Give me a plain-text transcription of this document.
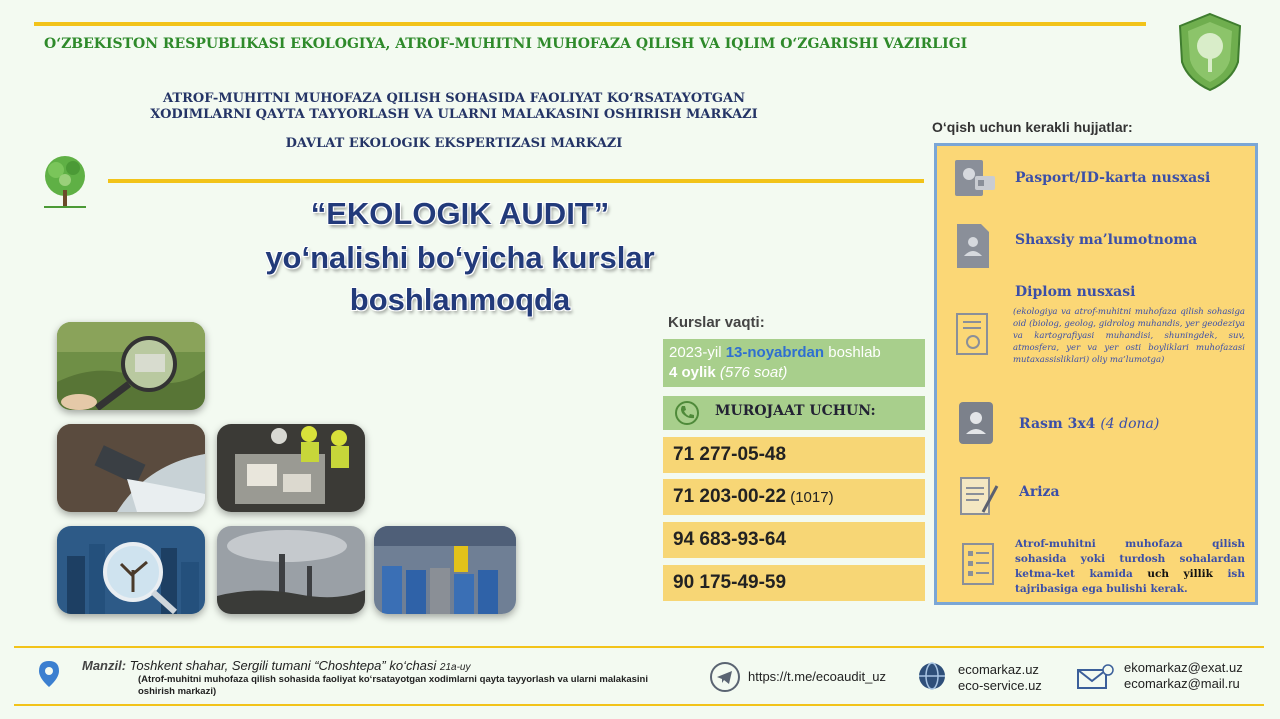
O‘ZBEKISTON RESPUBLIKASI EKOLOGIYA, ATROF-MUHITNI MUHOFAZA QILISH VA IQLIM O‘ZGARISHI VAZIRLIGI
ATROF-MUHITNI MUHOFAZA QILISH SOHASIDA FAOLIYAT KO‘RSATAYOTGAN
XODIMLARNI QAYTA TAYYORLASH VA ULARNI MALAKASINI OSHIRISH MARKAZI
DAVLAT EKOLOGIK EKSPERTIZASI MARKAZI
“EKOLOGIK AUDIT”
yo‘nalishi bo‘yicha kurslar
boshlanmoqda
Kurslar vaqti:
2023-yil 13-noyabrdan boshlab
4 oylik (576 soat)
MUROJAAT UCHUN:
71 277-05-48
71 203-00-22 (1017)
94 683-93-64
90 175-49-59
O‘qish uchun kerakli hujjatlar:
Pasport/ID-karta nusxasi
Shaxsiy ma’lumotnoma
Diplom nusxasi
(ekologiya va atrof-muhitni muhofaza qilish sohasiga oid (biolog, geolog, gidrolog muhandis, yer geodeziya va kartografiyasi muhandisi, shuningdek, suv, atmosfera, yer va yer osti boyliklari muhofazasi mutaxassisliklari) oliy ma’lumotga)
Rasm 3x4 (4 dona)
Ariza
Atrof-muhitni muhofaza qilish sohasida yoki turdosh sohalardan ketma-ket kamida uch yillik ish tajribasiga ega bulishi kerak.
Manzil: Toshkent shahar, Sergili tumani “Choshtepa” ko‘chasi 21a-uy
(Atrof-muhitni muhofaza qilish sohasida faoliyat ko‘rsatayotgan xodimlarni qayta tayyorlash va ularni malakasini oshirish markazi)
https://t.me/ecoaudit_uz	ecomarkaz.uz
eco-service.uz
ekomarkaz@exat.uz
ecomarkaz@mail.ru
